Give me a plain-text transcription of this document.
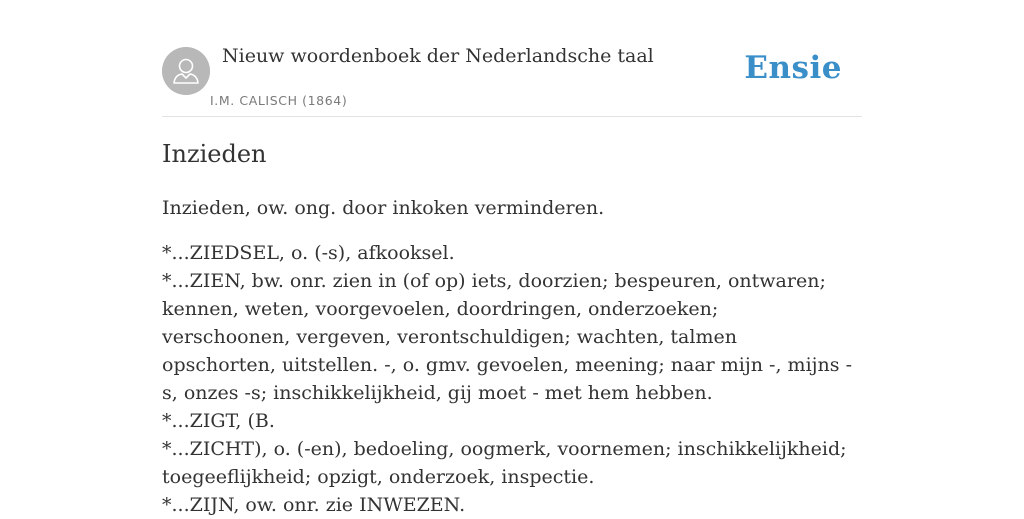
Nieuw woordenboek der Nederlandsche taal
I.M. CALISCH (1864)
Ensie
Inzieden

Inzieden, ow. ong. door inkoken verminderen.

*...ZIEDSEL, o. (-s), afkooksel.

*...ZIEN, bw. onr. zien in (of op) iets, doorzien; bespeuren, ontwaren; kennen, weten, voorgevoelen, doordringen, onderzoeken; verschoonen, vergeven, verontschuldigen; wachten, talmen opschorten, uitstellen. -, o. gmv. gevoelen, meening; naar mijn -, mijns -s, onzes -s; inschikkelijkheid, gij moet - met hem hebben.

*...ZIGT, (B.

*...ZICHT), o. (-en), bedoeling, oogmerk, voornemen; inschikkelijkheid; toegeeflijkheid; opzigt, onderzoek, inspectie.

*...ZIJN, ow. onr. zie INWEZEN.
